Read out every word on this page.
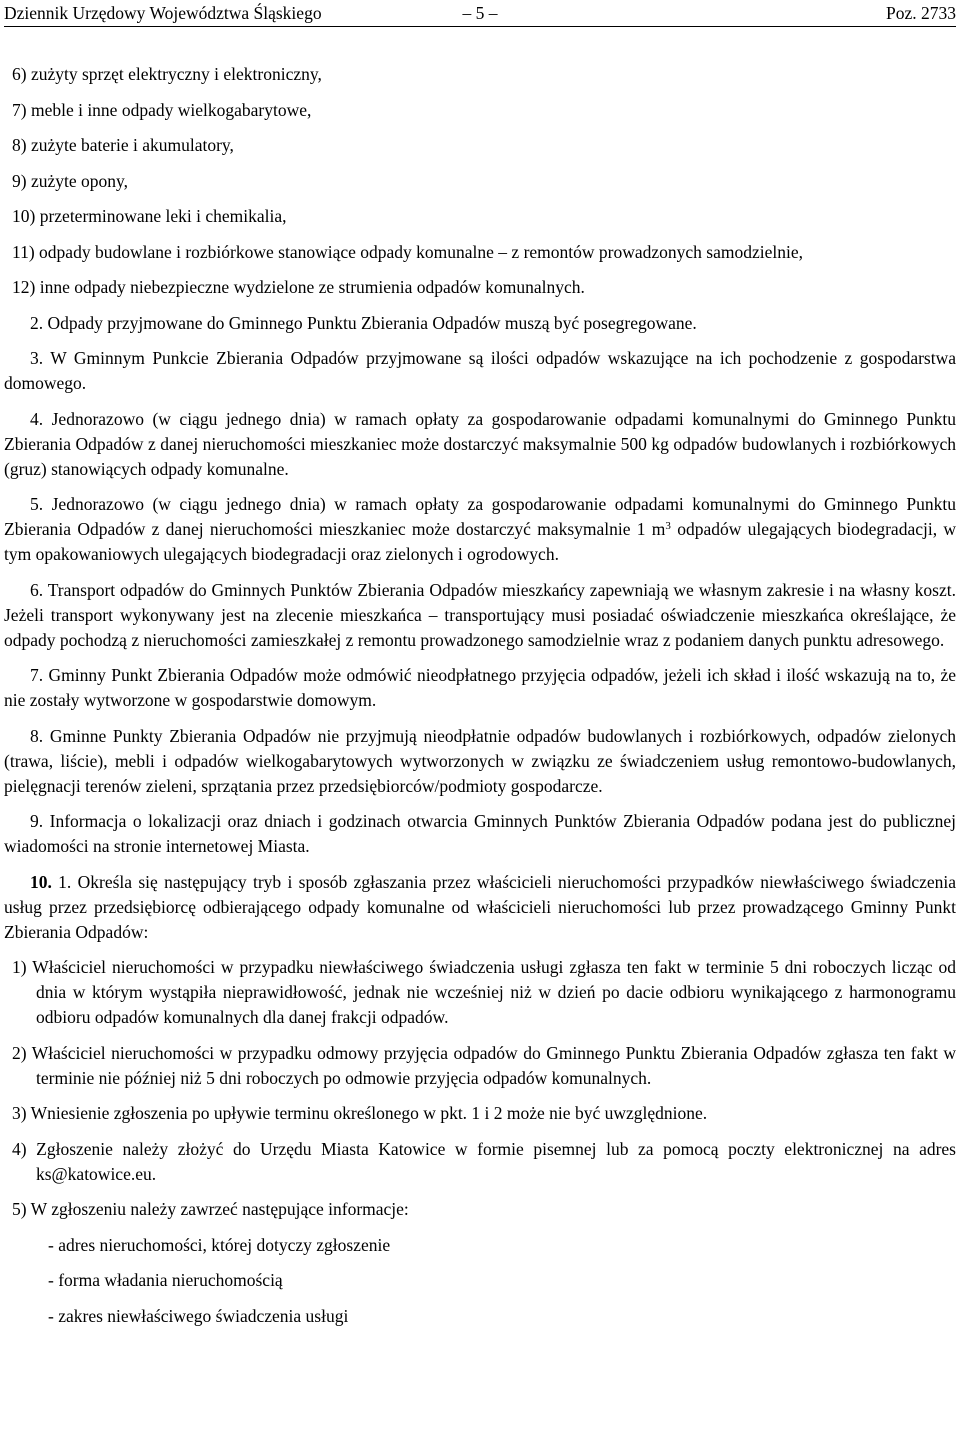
Dziennik Urzędowy Województwa Śląskiego	– 5 –	Poz. 2733

6) zużyty sprzęt elektryczny i elektroniczny,

7) meble i inne odpady wielkogabarytowe,

8) zużyte baterie i akumulatory,

9) zużyte opony,

10) przeterminowane leki i chemikalia,

11) odpady budowlane i rozbiórkowe stanowiące odpady komunalne – z remontów prowadzonych samodzielnie,

12) inne odpady niebezpieczne wydzielone ze strumienia odpadów komunalnych.

2. Odpady przyjmowane do Gminnego Punktu Zbierania Odpadów muszą być posegregowane.

3. W Gminnym Punkcie Zbierania Odpadów przyjmowane są ilości odpadów wskazujące na ich pochodzenie z gospodarstwa domowego.

4. Jednorazowo (w ciągu jednego dnia) w ramach opłaty za gospodarowanie odpadami komunalnymi do Gminnego Punktu Zbierania Odpadów z danej nieruchomości mieszkaniec może dostarczyć maksymalnie 500 kg odpadów budowlanych i rozbiórkowych (gruz) stanowiących odpady komunalne.

5. Jednorazowo (w ciągu jednego dnia) w ramach opłaty za gospodarowanie odpadami komunalnymi do Gminnego Punktu Zbierania Odpadów z danej nieruchomości mieszkaniec może dostarczyć maksymalnie 1 $m^3$ odpadów ulegających biodegradacji, w tym opakowaniowych ulegających biodegradacji oraz zielonych i ogrodowych.

6. Transport odpadów do Gminnych Punktów Zbierania Odpadów mieszkańcy zapewniają we własnym zakresie i na własny koszt. Jeżeli transport wykonywany jest na zlecenie mieszkańca – transportujący musi posiadać oświadczenie mieszkańca określające, że odpady pochodzą z nieruchomości zamieszkałej z remontu prowadzonego samodzielnie wraz z podaniem danych punktu adresowego.

7. Gminny Punkt Zbierania Odpadów może odmówić nieodpłatnego przyjęcia odpadów, jeżeli ich skład i ilość wskazują na to, że nie zostały wytworzone w gospodarstwie domowym.

8. Gminne Punkty Zbierania Odpadów nie przyjmują nieodpłatnie odpadów budowlanych i rozbiórkowych, odpadów zielonych (trawa, liście), mebli i odpadów wielkogabarytowych wytworzonych w związku ze świadczeniem usług remontowo-budowlanych, pielęgnacji terenów zieleni, sprzątania przez przedsiębiorców/podmioty gospodarcze.

9. Informacja o lokalizacji oraz dniach i godzinach otwarcia Gminnych Punktów Zbierania Odpadów podana jest do publicznej wiadomości na stronie internetowej Miasta.

10. 1. Określa się następujący tryb i sposób zgłaszania przez właścicieli nieruchomości przypadków niewłaściwego świadczenia usług przez przedsiębiorcę odbierającego odpady komunalne od właścicieli nieruchomości lub przez prowadzącego Gminny Punkt Zbierania Odpadów:

1) Właściciel nieruchomości w przypadku niewłaściwego świadczenia usługi zgłasza ten fakt w terminie 5 dni roboczych licząc od dnia w którym wystąpiła nieprawidłowość, jednak nie wcześniej niż w dzień po dacie odbioru wynikającego z harmonogramu odbioru odpadów komunalnych dla danej frakcji odpadów.

2) Właściciel nieruchomości w przypadku odmowy przyjęcia odpadów do Gminnego Punktu Zbierania Odpadów zgłasza ten fakt w terminie nie później niż 5 dni roboczych po odmowie przyjęcia odpadów komunalnych.

3) Wniesienie zgłoszenia po upływie terminu określonego w pkt. 1 i 2 może nie być uwzględnione.

4) Zgłoszenie należy złożyć do Urzędu Miasta Katowice w formie pisemnej lub za pomocą poczty elektronicznej na adres ks@katowice.eu.

5) W zgłoszeniu należy zawrzeć następujące informacje:

- adres nieruchomości, której dotyczy zgłoszenie

- forma władania nieruchomością

- zakres niewłaściwego świadczenia usługi
